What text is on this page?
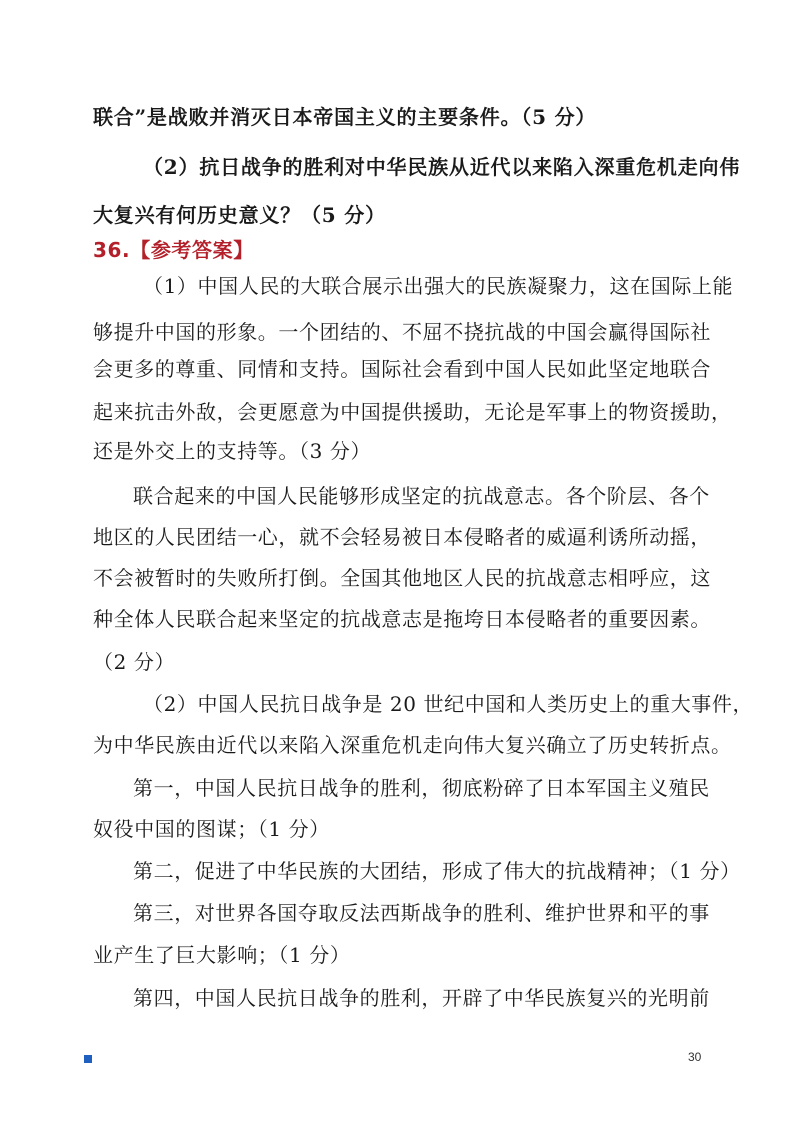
联合”是战败并消灭日本帝国主义的主要条件。（5 分）
（2）抗日战争的胜利对中华民族从近代以来陷入深重危机走向伟
大复兴有何历史意义？（5 分）
36.【参考答案】
（1）中国人民的大联合展示出强大的民族凝聚力，这在国际上能
够提升中国的形象。一个团结的、不屈不挠抗战的中国会赢得国际社
会更多的尊重、同情和支持。国际社会看到中国人民如此坚定地联合
起来抗击外敌，会更愿意为中国提供援助，无论是军事上的物资援助，
还是外交上的支持等。（3 分）
联合起来的中国人民能够形成坚定的抗战意志。各个阶层、各个
地区的人民团结一心，就不会轻易被日本侵略者的威逼利诱所动摇，
不会被暂时的失败所打倒。全国其他地区人民的抗战意志相呼应，这
种全体人民联合起来坚定的抗战意志是拖垮日本侵略者的重要因素。
（2 分）
（2）中国人民抗日战争是 20 世纪中国和人类历史上的重大事件，
为中华民族由近代以来陷入深重危机走向伟大复兴确立了历史转折点。
第一，中国人民抗日战争的胜利，彻底粉碎了日本军国主义殖民
奴役中国的图谋；（1 分）
第二，促进了中华民族的大团结，形成了伟大的抗战精神；（1 分）
第三，对世界各国夺取反法西斯战争的胜利、维护世界和平的事
业产生了巨大影响；（1 分）
第四，中国人民抗日战争的胜利，开辟了中华民族复兴的光明前
30
